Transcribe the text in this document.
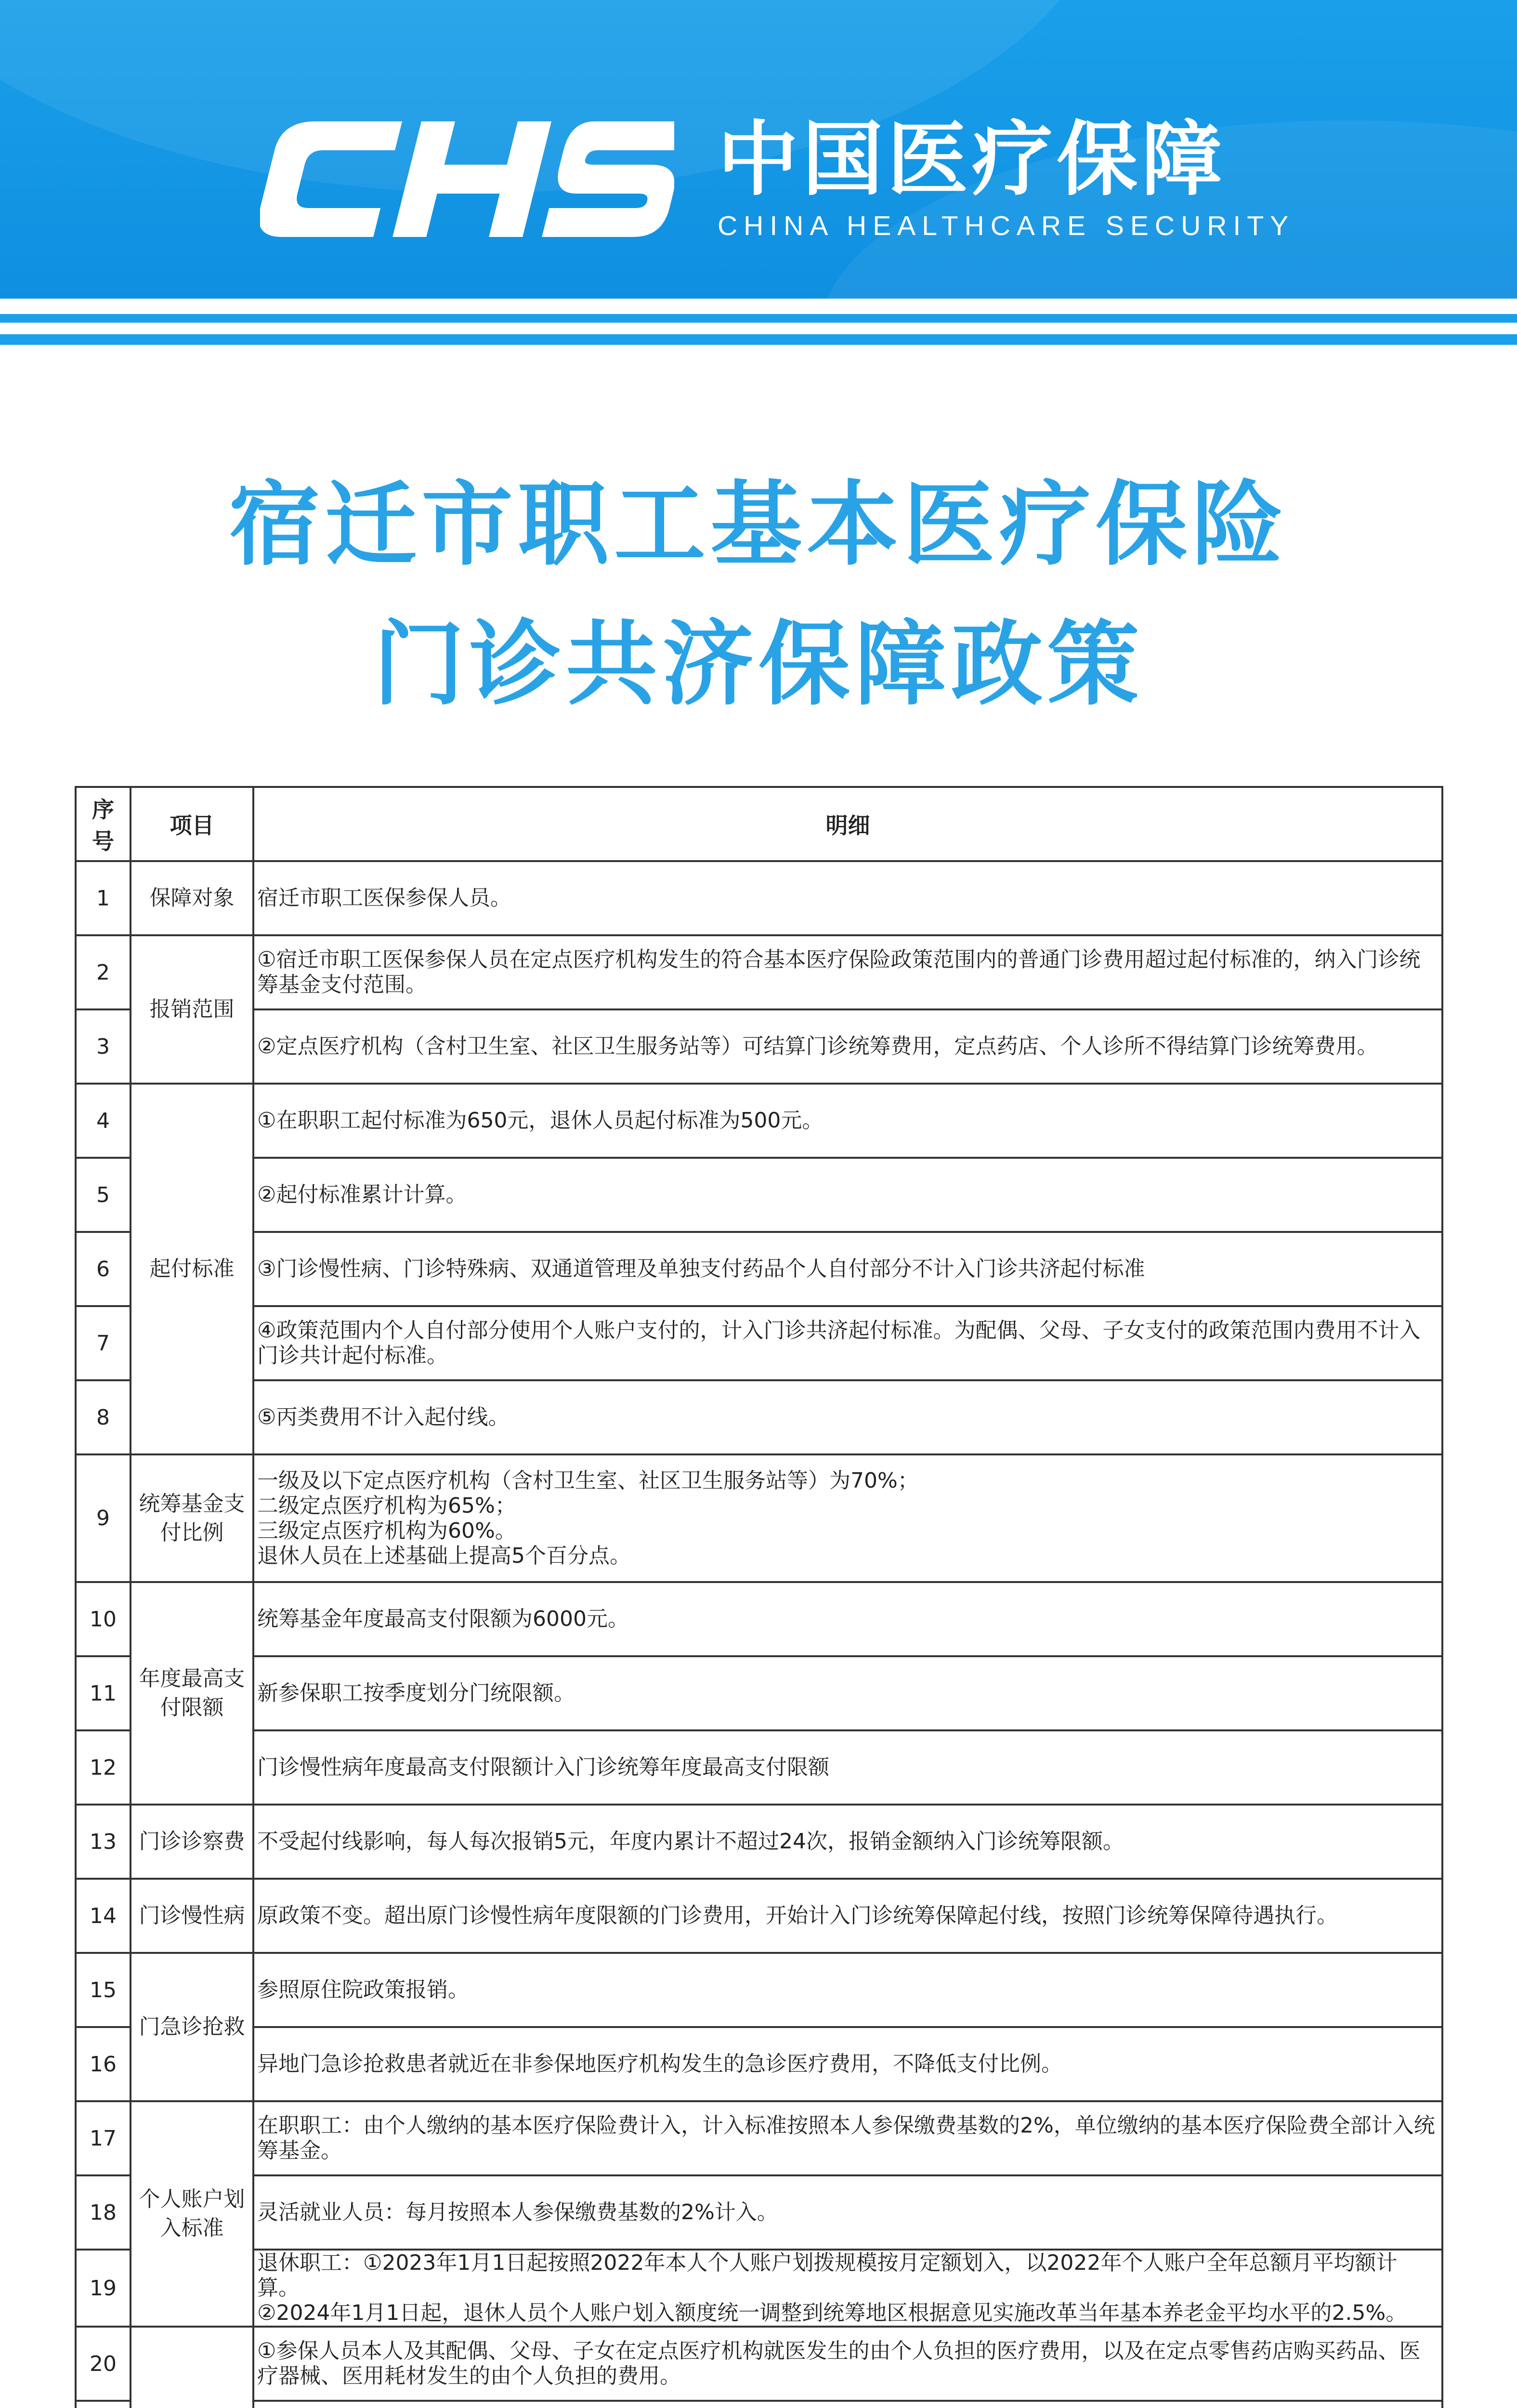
中国医疗保障
CHINA HEALTHCARE SECURITY
宿迁市职工基本医疗保险
门诊共济保障政策
序号	项目	明细
1	保障对象	宿迁市职工医保参保人员。
2	报销范围	①宿迁市职工医保参保人员在定点医疗机构发生的符合基本医疗保险政策范围内的普通门诊费用超过起付标准的，纳入门诊统筹基金支付范围。
3		②定点医疗机构（含村卫生室、社区卫生服务站等）可结算门诊统筹费用，定点药店、个人诊所不得结算门诊统筹费用。
4	起付标准	①在职职工起付标准为650元，退休人员起付标准为500元。
5		②起付标准累计计算。
6		③门诊慢性病、门诊特殊病、双通道管理及单独支付药品个人自付部分不计入门诊共济起付标准
7		④政策范围内个人自付部分使用个人账户支付的，计入门诊共济起付标准。为配偶、父母、子女支付的政策范围内费用不计入门诊共计起付标准。
8		⑤丙类费用不计入起付线。
9	统筹基金支付比例	一级及以下定点医疗机构（含村卫生室、社区卫生服务站等）为70%；
二级定点医疗机构为65%；
三级定点医疗机构为60%。
退休人员在上述基础上提高5个百分点。
10	年度最高支付限额	统筹基金年度最高支付限额为6000元。
11		新参保职工按季度划分门统限额。
12		门诊慢性病年度最高支付限额计入门诊统筹年度最高支付限额
13	门诊诊察费	不受起付线影响，每人每次报销5元，年度内累计不超过24次，报销金额纳入门诊统筹限额。
14	门诊慢性病	原政策不变。超出原门诊慢性病年度限额的门诊费用，开始计入门诊统筹保障起付线，按照门诊统筹保障待遇执行。
15	门急诊抢救	参照原住院政策报销。
16		异地门急诊抢救患者就近在非参保地医疗机构发生的急诊医疗费用，不降低支付比例。
17	个人账户划入标准	在职职工：由个人缴纳的基本医疗保险费计入，计入标准按照本人参保缴费基数的2%，单位缴纳的基本医疗保险费全部计入统筹基金。
18		灵活就业人员：每月按照本人参保缴费基数的2%计入。
19		退休职工：①2023年1月1日起按照2022年本人个人账户划拨规模按月定额划入，以2022年个人账户全年总额月平均额计算。
②2024年1月1日起，退休人员个人账户划入额度统一调整到统筹地区根据意见实施改革当年基本养老金平均水平的2.5%。
20		①参保人员本人及其配偶、父母、子女在定点医疗机构就医发生的由个人负担的医疗费用，以及在定点零售药店购买药品、医疗器械、医用耗材发生的由个人负担的费用。
